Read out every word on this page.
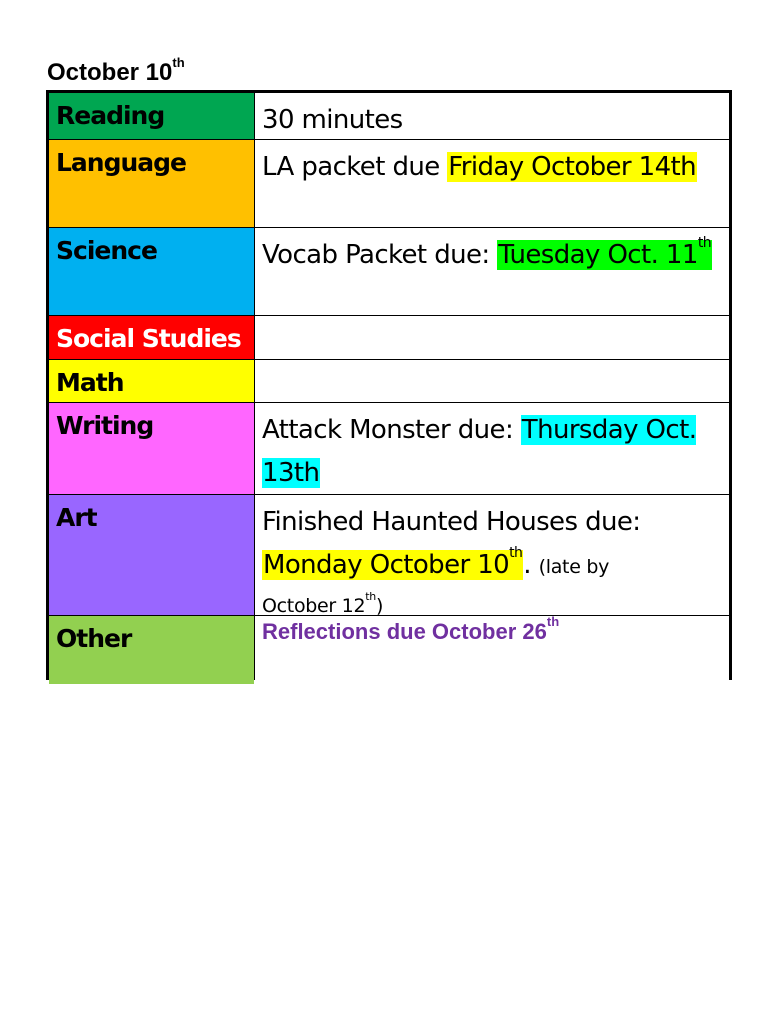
October 10th
Reading	30 minutes
Language	LA packet due Friday October 14th
Science	Vocab Packet due: Tuesday Oct. 11th
Social Studies
Math
Writing	Attack Monster due: Thursday Oct. 13th
Art	Finished Haunted Houses due: Monday October 10th. (late by
October 12th)
Other	Reflections due October 26th
